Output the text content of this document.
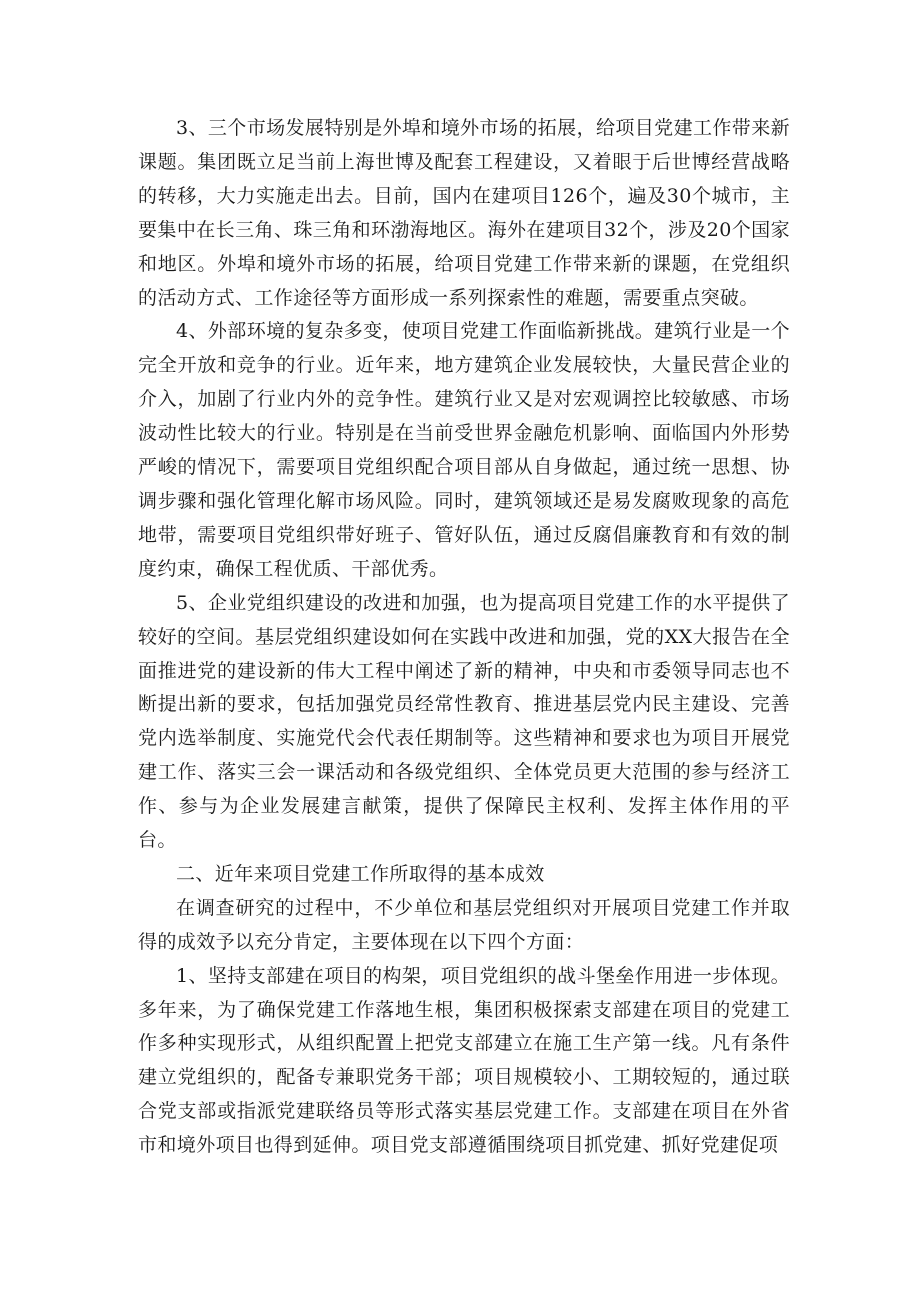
3、三个市场发展特别是外埠和境外市场的拓展，给项目党建工作带来新课题。集团既立足当前上海世博及配套工程建设，又着眼于后世博经营战略的转移，大力实施走出去。目前，国内在建项目126个，遍及30个城市，主要集中在长三角、珠三角和环渤海地区。海外在建项目32个，涉及20个国家和地区。外埠和境外市场的拓展，给项目党建工作带来新的课题，在党组织的活动方式、工作途径等方面形成一系列探索性的难题，需要重点突破。

4、外部环境的复杂多变，使项目党建工作面临新挑战。建筑行业是一个完全开放和竞争的行业。近年来，地方建筑企业发展较快，大量民营企业的介入，加剧了行业内外的竞争性。建筑行业又是对宏观调控比较敏感、市场波动性比较大的行业。特别是在当前受世界金融危机影响、面临国内外形势严峻的情况下，需要项目党组织配合项目部从自身做起，通过统一思想、协调步骤和强化管理化解市场风险。同时，建筑领域还是易发腐败现象的高危地带，需要项目党组织带好班子、管好队伍，通过反腐倡廉教育和有效的制度约束，确保工程优质、干部优秀。

5、企业党组织建设的改进和加强，也为提高项目党建工作的水平提供了较好的空间。基层党组织建设如何在实践中改进和加强，党的XX大报告在全面推进党的建设新的伟大工程中阐述了新的精神，中央和市委领导同志也不断提出新的要求，包括加强党员经常性教育、推进基层党内民主建设、完善党内选举制度、实施党代会代表任期制等。这些精神和要求也为项目开展党建工作、落实三会一课活动和各级党组织、全体党员更大范围的参与经济工作、参与为企业发展建言献策，提供了保障民主权利、发挥主体作用的平台。

二、近年来项目党建工作所取得的基本成效

在调查研究的过程中，不少单位和基层党组织对开展项目党建工作并取得的成效予以充分肯定，主要体现在以下四个方面：

1、坚持支部建在项目的构架，项目党组织的战斗堡垒作用进一步体现。多年来，为了确保党建工作落地生根，集团积极探索支部建在项目的党建工作多种实现形式，从组织配置上把党支部建立在施工生产第一线。凡有条件建立党组织的，配备专兼职党务干部；项目规模较小、工期较短的，通过联合党支部或指派党建联络员等形式落实基层党建工作。支部建在项目在外省市和境外项目也得到延伸。项目党支部遵循围绕项目抓党建、抓好党建促项
